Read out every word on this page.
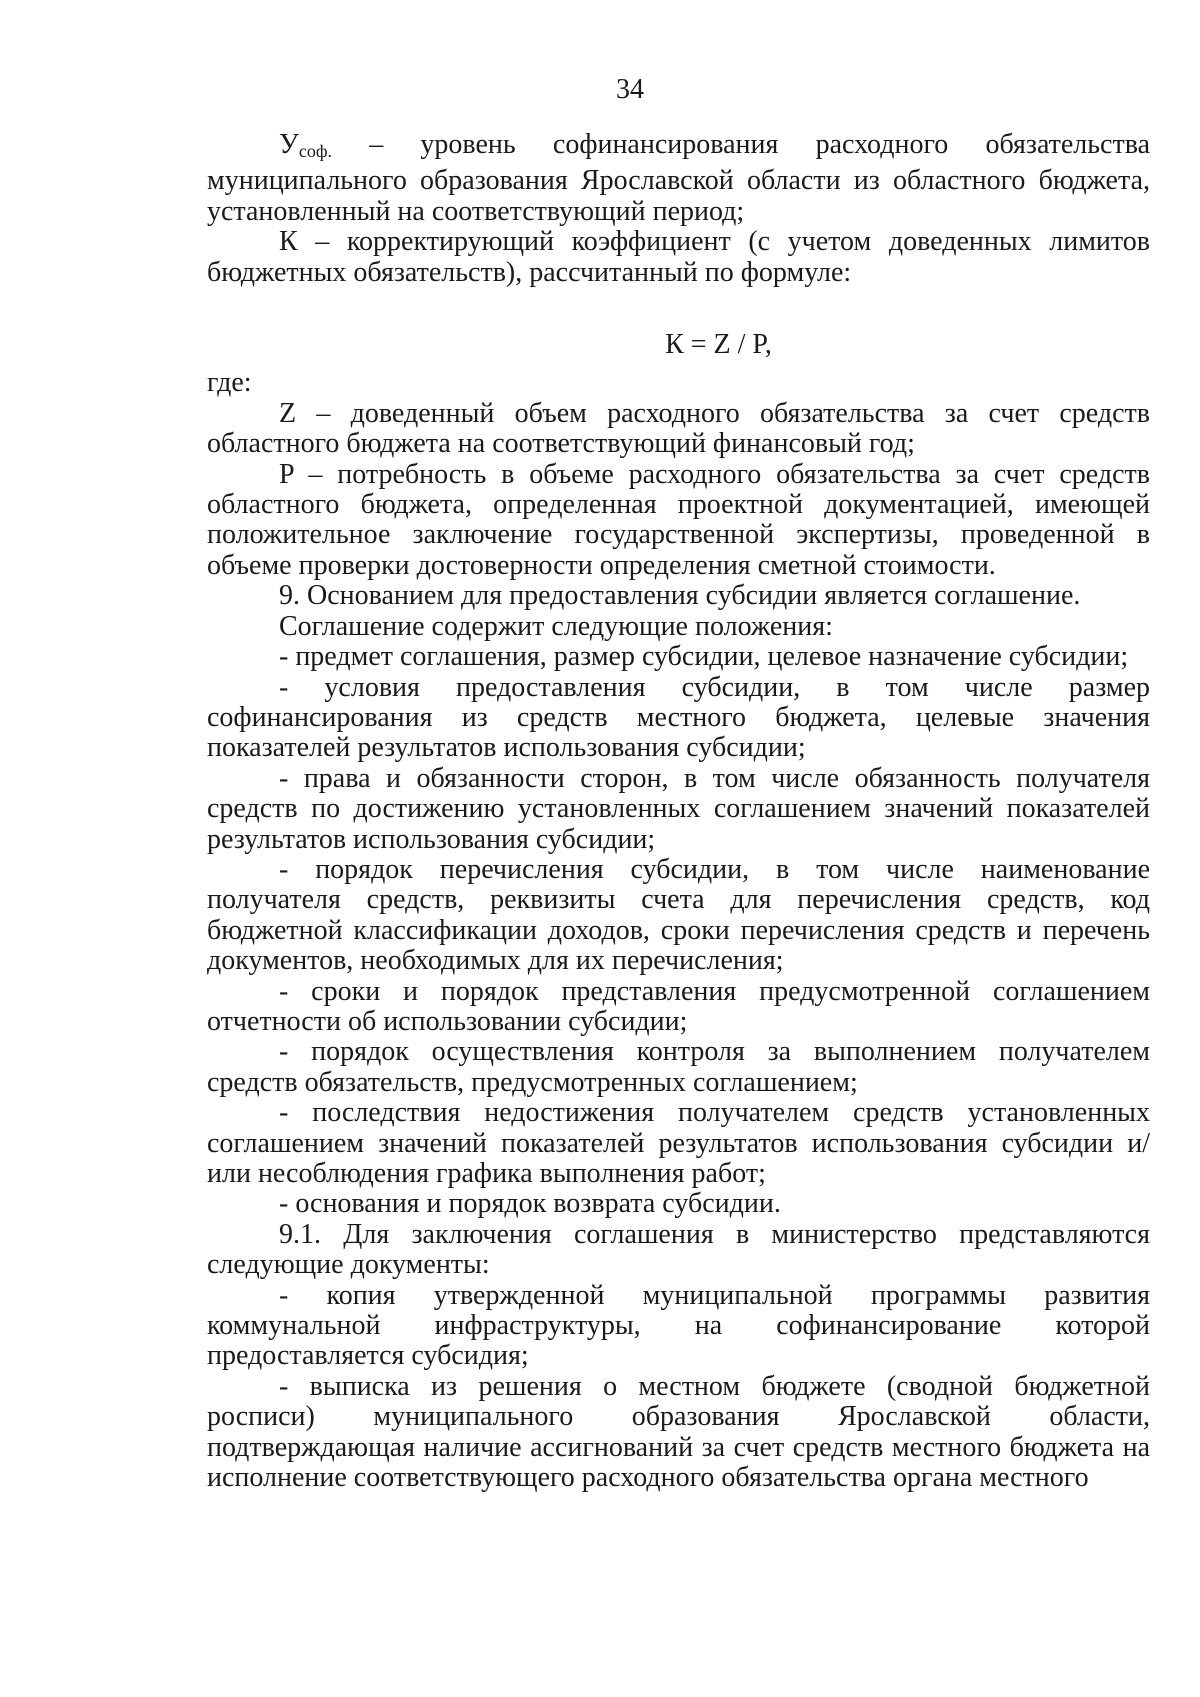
34

$У_{соф.}$ – уровень софинансирования расходного обязательства муниципального образования Ярославской области из областного бюджета, установленный на соответствующий период;

К – корректирующий коэффициент (с учетом доведенных лимитов бюджетных обязательств), рассчитанный по формуле:

К = Z / P,

где:

Z – доведенный объем расходного обязательства за счет средств областного бюджета на соответствующий финансовый год;

P – потребность в объеме расходного обязательства за счет средств областного бюджета, определенная проектной документацией, имеющей положительное заключение государственной экспертизы, проведенной в объеме проверки достоверности определения сметной стоимости.

9. Основанием для предоставления субсидии является соглашение.

Соглашение содержит следующие положения:

- предмет соглашения, размер субсидии, целевое назначение субсидии;

- условия предоставления субсидии, в том числе размер софинансирования из средств местного бюджета, целевые значения показателей результатов использования субсидии;

- права и обязанности сторон, в том числе обязанность получателя средств по достижению установленных соглашением значений показателей результатов использования субсидии;

- порядок перечисления субсидии, в том числе наименование получателя средств, реквизиты счета для перечисления средств, код бюджетной классификации доходов, сроки перечисления средств и перечень документов, необходимых для их перечисления;

- сроки и порядок представления предусмотренной соглашением отчетности об использовании субсидии;

- порядок осуществления контроля за выполнением получателем средств обязательств, предусмотренных соглашением;

- последствия недостижения получателем средств установленных соглашением значений показателей результатов использования субсидии и/или несоблюдения графика выполнения работ;

- основания и порядок возврата субсидии.

9.1. Для заключения соглашения в министерство представляются следующие документы:

- копия утвержденной муниципальной программы развития коммунальной инфраструктуры, на софинансирование которой предоставляется субсидия;

- выписка из решения о местном бюджете (сводной бюджетной росписи) муниципального образования Ярославской области, подтверждающая наличие ассигнований за счет средств местного бюджета на исполнение соответствующего расходного обязательства органа местного
